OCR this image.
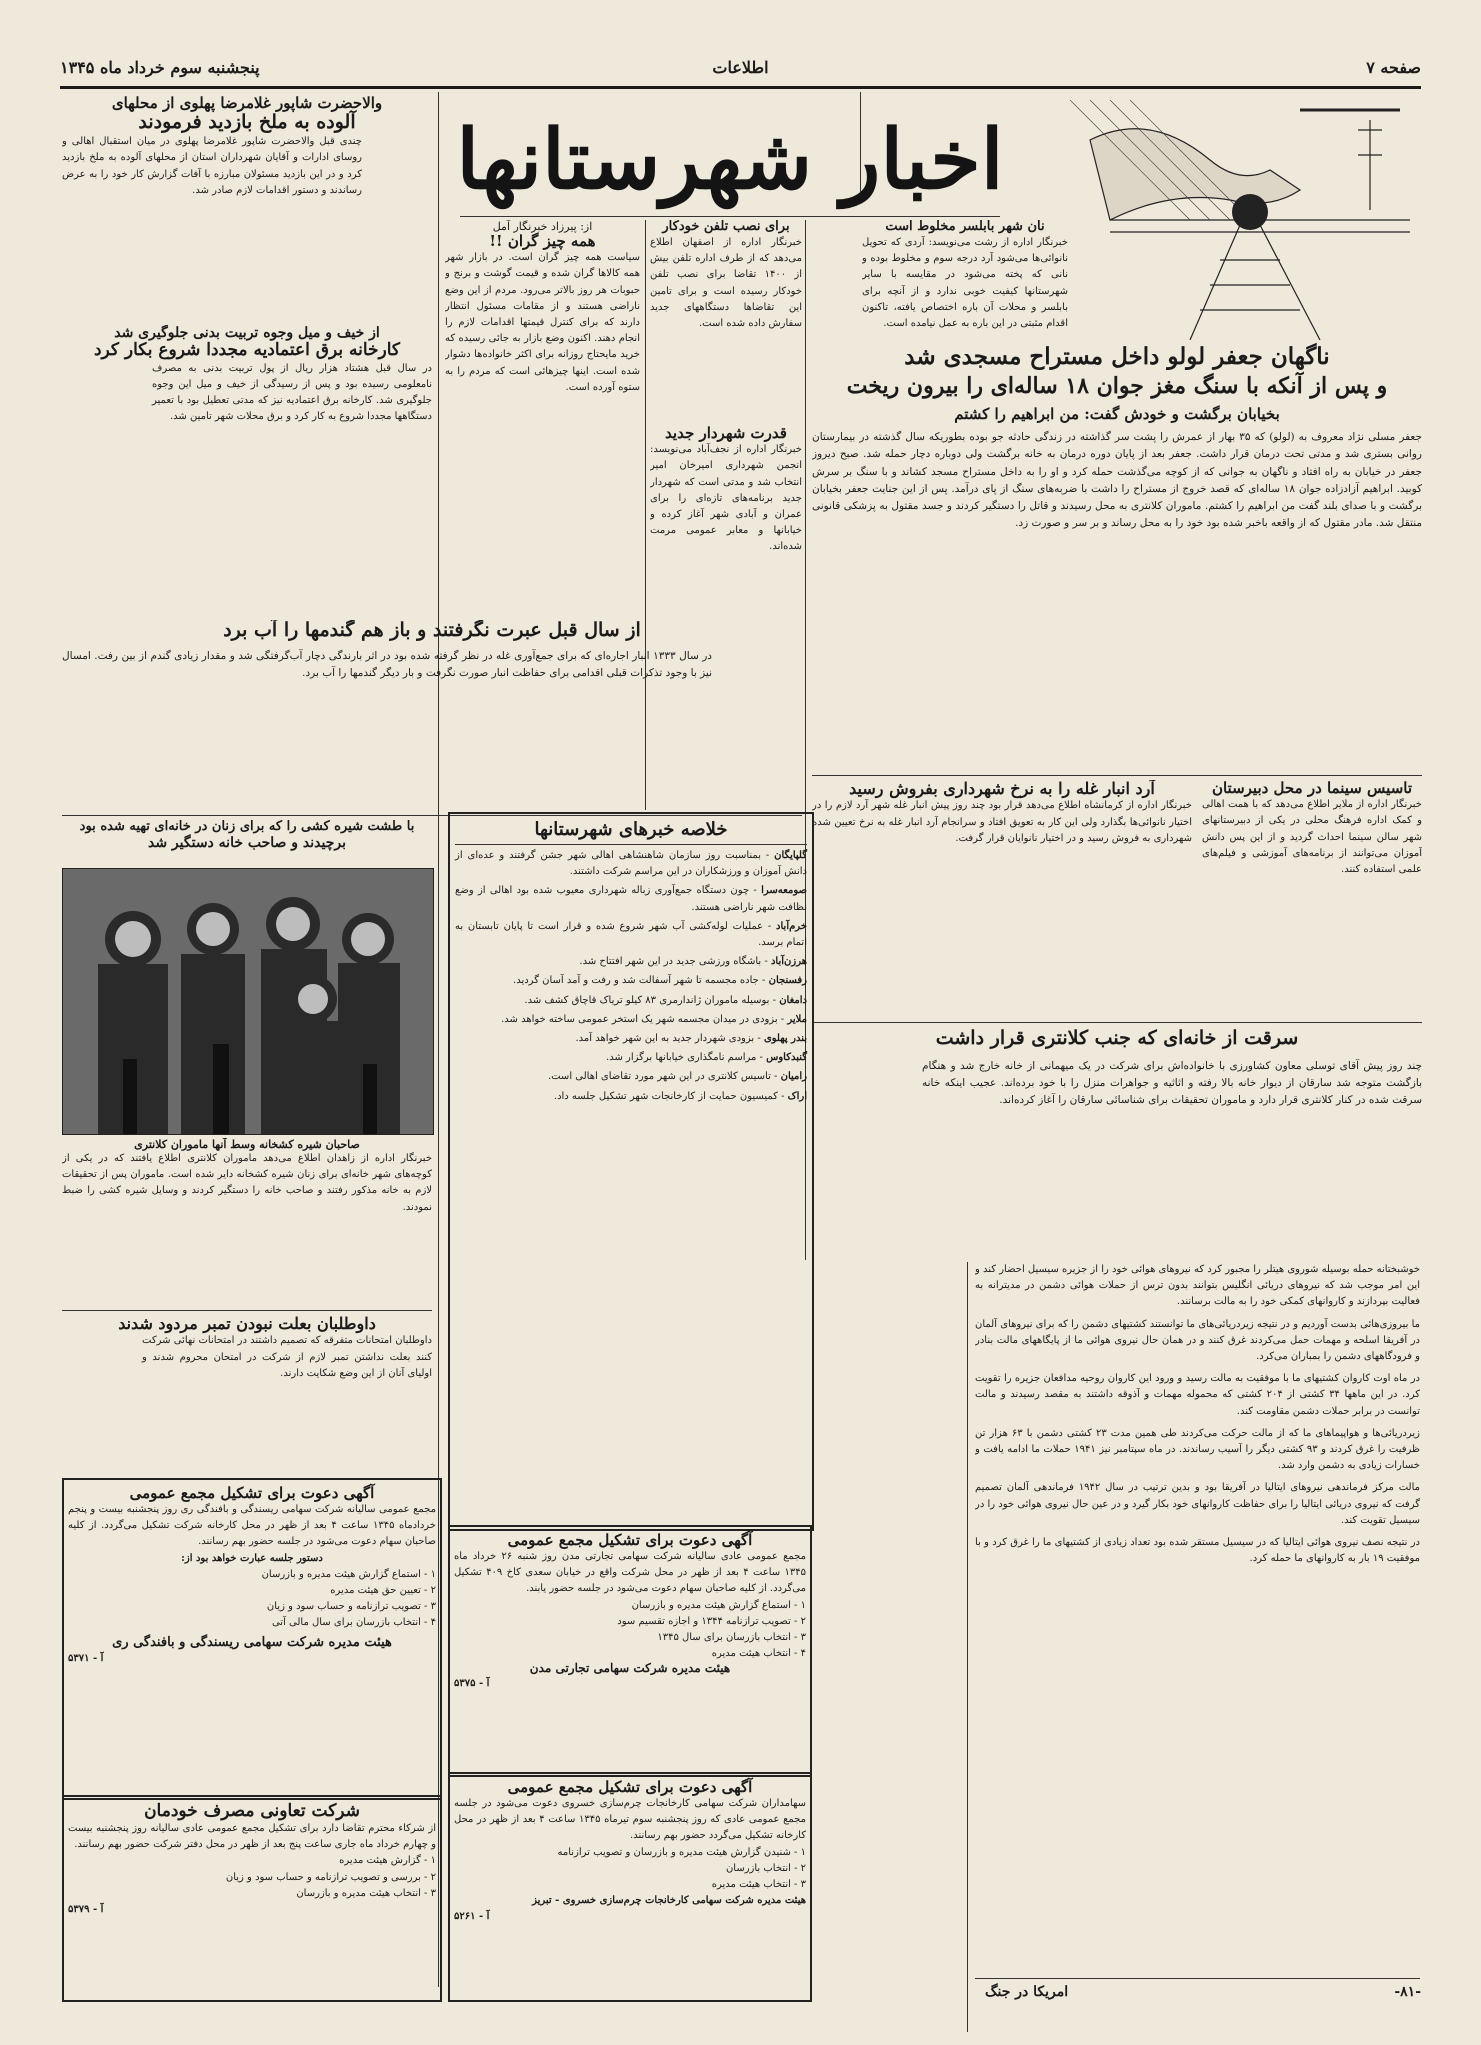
صفحه ۷
اطلاعات
پنجشنبه سوم خرداد ماه ۱۳۴۵
اخبار شهرستانها
نان شهر بابلسر مخلوط است

خبرنگار اداره از رشت می‌نویسد: آردی که تحویل نانوائی‌ها می‌شود آرد درجه سوم و مخلوط بوده و نانی که پخته می‌شود در مقایسه با سایر شهرستانها کیفیت خوبی ندارد و از آنچه برای بابلسر و محلات آن باره اختصاص یافته، تاکنون اقدام مثبتی در این باره به عمل نیامده است.

ناگهان جعفر لولو داخل مستراح مسجدی شد
و پس از آنکه با سنگ مغز جوان ۱۸ ساله‌ای را بیرون ریخت
بخیابان برگشت و خودش گفت: من ابراهیم را کشتم

جعفر مسلی نژاد معروف به (لولو) که ۳۵ بهار از عمرش را پشت سر گذاشته در زندگی حادثه جو بوده بطوریکه سال گذشته در بیمارستان روانی بستری شد و مدتی تحت درمان قرار داشت. جعفر بعد از پایان دوره درمان به خانه برگشت ولی دوباره دچار حمله شد. صبح دیروز جعفر در خیابان به راه افتاد و ناگهان به جوانی که از کوچه می‌گذشت حمله کرد و او را به داخل مستراح مسجد کشاند و با سنگ بر سرش کوبید. ابراهیم آزادزاده جوان ۱۸ ساله‌ای که قصد خروج از مستراح را داشت با ضربه‌های سنگ از پای درآمد. پس از این جنایت جعفر بخیابان برگشت و با صدای بلند گفت من ابراهیم را کشتم. ماموران کلانتری به محل رسیدند و قاتل را دستگیر کردند و جسد مقتول به پزشکی قانونی منتقل شد. مادر مقتول که از واقعه باخبر شده بود خود را به محل رساند و بر سر و صورت زد.

تاسیس سینما در محل دبیرستان

خبرنگار اداره از ملایر اطلاع می‌دهد که با همت اهالی و کمک اداره فرهنگ محلی در یکی از دبیرستانهای شهر سالن سینما احداث گردید و از این پس دانش آموزان می‌توانند از برنامه‌های آموزشی و فیلم‌های علمی استفاده کنند.

آرد انبار غله را به نرخ شهرداری بفروش رسید

خبرنگار اداره از کرمانشاه اطلاع می‌دهد قرار بود چند روز پیش انبار غله شهر آرد لازم را در اختیار نانوائی‌ها بگذارد ولی این کار به تعویق افتاد و سرانجام آرد انبار غله به نرخ تعیین شده شهرداری به فروش رسید و در اختیار نانوایان قرار گرفت.

سرقت از خانه‌ای که جنب کلانتری قرار داشت

چند روز پیش آقای توسلی معاون کشاورزی با خانواده‌اش برای شرکت در یک میهمانی از خانه خارج شد و هنگام بازگشت متوجه شد سارقان از دیوار خانه بالا رفته و اثاثیه و جواهرات منزل را با خود برده‌اند. عجیب اینکه خانه سرقت شده در کنار کلانتری قرار دارد و ماموران تحقیقات برای شناسائی سارقان را آغاز کرده‌اند.

برای نصب تلفن خودکار

خبرنگار اداره از اصفهان اطلاع می‌دهد که از طرف اداره تلفن بیش از ۱۴۰۰ تقاضا برای نصب تلفن خودکار رسیده است و برای تامین این تقاضاها دستگاههای جدید سفارش داده شده است.

قدرت شهردار جدید

خبرنگار اداره از نجف‌آباد می‌نویسد: انجمن شهرداری امیرخان امیر انتخاب شد و مدتی است که شهردار جدید برنامه‌های تازه‌ای را برای عمران و آبادی شهر آغاز کرده و خیابانها و معابر عمومی مرمت شده‌اند.

از: پیرزاد خبرنگار آمل
همه چیز گران !!

سیاست همه چیز گران است. در بازار شهر همه کالاها گران شده و قیمت گوشت و برنج و حبوبات هر روز بالاتر می‌رود. مردم از این وضع ناراضی هستند و از مقامات مسئول انتظار دارند که برای کنترل قیمتها اقدامات لازم را انجام دهند. اکنون وضع بازار به جائی رسیده که خرید مایحتاج روزانه برای اکثر خانواده‌ها دشوار شده است. اینها چیزهائی است که مردم را به ستوه آورده است.

از سال قبل عبرت نگرفتند و باز هم گندمها را آب برد

در سال ۱۳۳۳ انبار اجاره‌ای که برای جمع‌آوری غله در نظر گرفته شده بود در اثر بارندگی دچار آب‌گرفتگی شد و مقدار زیادی گندم از بین رفت. امسال نیز با وجود تذکرات قبلی اقدامی برای حفاظت انبار صورت نگرفت و بار دیگر گندمها را آب برد.

والاحضرت شاپور غلامرضا پهلوی از محلهای
آلوده به ملخ بازدید فرمودند

چندی قبل والاحضرت شاپور غلامرضا پهلوی در میان استقبال اهالی و روسای ادارات و آقایان شهرداران استان از محلهای آلوده به ملخ بازدید کرد و در این بازدید مسئولان مبارزه با آفات گزارش کار خود را به عرض رساندند و دستور اقدامات لازم صادر شد.

از خیف و میل وجوه تربیت بدنی جلوگیری شد
کارخانه برق اعتمادیه مجددا شروع بکار کرد

در سال قبل هشتاد هزار ریال از پول تربیت بدنی به مصرف نامعلومی رسیده بود و پس از رسیدگی از خیف و میل این وجوه جلوگیری شد. کارخانه برق اعتمادیه نیز که مدتی تعطیل بود با تعمیر دستگاهها مجددا شروع به کار کرد و برق محلات شهر تامین شد.

با طشت شیره کشی را که برای زنان در خانه‌ای تهیه شده بود
برچیدند و صاحب خانه دستگیر شد
صاحبان شیره کشخانه وسط آنها ماموران کلانتری

خبرنگار اداره از زاهدان اطلاع می‌دهد ماموران کلانتری اطلاع یافتند که در یکی از کوچه‌های شهر خانه‌ای برای زنان شیره کشخانه دایر شده است. ماموران پس از تحقیقات لازم به خانه مذکور رفتند و صاحب خانه را دستگیر کردند و وسایل شیره کشی را ضبط نمودند.

داوطلبان بعلت نبودن تمبر مردود شدند

داوطلبان امتحانات متفرقه که تصمیم داشتند در امتحانات نهائی شرکت کنند بعلت نداشتن تمبر لازم از شرکت در امتحان محروم شدند و اولیای آنان از این وضع شکایت دارند.

آگهی دعوت برای تشکیل مجمع عمومی

مجمع عمومی سالیانه شرکت سهامی ریسندگی و بافندگی ری روز پنجشنبه بیست و پنجم خردادماه ۱۳۴۵ ساعت ۴ بعد از ظهر در محل کارخانه شرکت تشکیل می‌گردد. از کلیه صاحبان سهام دعوت می‌شود در جلسه حضور بهم رسانند.

دستور جلسه عبارت خواهد بود از:
۱ - استماع گزارش هیئت مدیره و بازرسان
۲ - تعیین حق هیئت مدیره
۳ - تصویب ترازنامه و حساب سود و زیان
۴ - انتخاب بازرسان برای سال مالی آتی
هیئت مدیره شرکت سهامی ریسندگی و بافندگی ری
آ - ۵۳۷۱
شرکت تعاونی مصرف خودمان

از شرکاء محترم تقاضا دارد برای تشکیل مجمع عمومی عادی سالیانه روز پنجشنبه بیست و چهارم خرداد ماه جاری ساعت پنج بعد از ظهر در محل دفتر شرکت حضور بهم رسانند.

۱ - گزارش هیئت مدیره
۲ - بررسی و تصویب ترازنامه و حساب سود و زیان
۳ - انتخاب هیئت مدیره و بازرسان
آ - ۵۳۷۹
خلاصه خبرهای شهرستانها

گلپایگان - بمناسبت روز سازمان شاهنشاهی اهالی شهر جشن گرفتند و عده‌ای از دانش آموزان و ورزشکاران در این مراسم شرکت داشتند.

صومعه‌سرا - چون دستگاه جمع‌آوری زباله شهرداری معیوب شده بود اهالی از وضع نظافت شهر ناراضی هستند.

خرم‌آباد - عملیات لوله‌کشی آب شهر شروع شده و قرار است تا پایان تابستان به اتمام برسد.

هرزن‌آباد - باشگاه ورزشی جدید در این شهر افتتاح شد.

رفسنجان - جاده مجسمه تا شهر آسفالت شد و رفت و آمد آسان گردید.

دامغان - بوسیله ماموران ژاندارمری ۸۳ کیلو تریاک قاچاق کشف شد.

ملایر - بزودی در میدان مجسمه شهر یک استخر عمومی ساخته خواهد شد.

بندر پهلوی - بزودی شهردار جدید به این شهر خواهد آمد.

گنبدکاوس - مراسم نامگذاری خیابانها برگزار شد.

رامیان - تاسیس کلانتری در این شهر مورد تقاضای اهالی است.

اراک - کمیسیون حمایت از کارخانجات شهر تشکیل جلسه داد.

آگهی دعوت برای تشکیل مجمع عمومی

مجمع عمومی عادی سالیانه شرکت سهامی تجارتی مدن روز شنبه ۲۶ خرداد ماه ۱۳۴۵ ساعت ۴ بعد از ظهر در محل شرکت واقع در خیابان سعدی کاخ ۴۰۹ تشکیل می‌گردد. از کلیه صاحبان سهام دعوت می‌شود در جلسه حضور یابند.

۱ - استماع گزارش هیئت مدیره و بازرسان
۲ - تصویب ترازنامه ۱۳۴۴ و اجازه تقسیم سود
۳ - انتخاب بازرسان برای سال ۱۳۴۵
۴ - انتخاب هیئت مدیره
هیئت مدیره شرکت سهامی تجارتی مدن
آ - ۵۳۷۵
آگهی دعوت برای تشکیل مجمع عمومی

سهامداران شرکت سهامی کارخانجات چرم‌سازی خسروی دعوت می‌شود در جلسه مجمع عمومی عادی که روز پنجشنبه سوم تیرماه ۱۳۴۵ ساعت ۴ بعد از ظهر در محل کارخانه تشکیل می‌گردد حضور بهم رسانند.

۱ - شنیدن گزارش هیئت مدیره و بازرسان و تصویب ترازنامه
۲ - انتخاب بازرسان
۳ - انتخاب هیئت مدیره
هیئت مدیره شرکت سهامی کارخانجات چرم‌سازی خسروی - تبریز
آ - ۵۲۶۱

خوشبختانه حمله بوسیله شوروی هیتلر را مجبور کرد که نیروهای هوائی خود را از جزیره سیسیل احضار کند و این امر موجب شد که نیروهای دریائی انگلیس بتوانند بدون ترس از حملات هوائی دشمن در مدیترانه به فعالیت بپردازند و کاروانهای کمکی خود را به مالت برسانند.

ما بیروزی‌هائی بدست آوردیم و در نتیجه زیردریائی‌های ما توانستند کشتیهای دشمن را که برای نیروهای آلمان در آفریقا اسلحه و مهمات حمل می‌کردند غرق کنند و در همان حال نیروی هوائی ما از پایگاههای مالت بنادر و فرودگاههای دشمن را بمباران می‌کرد.

در ماه اوت کاروان کشتیهای ما با موفقیت به مالت رسید و ورود این کاروان روحیه مدافعان جزیره را تقویت کرد. در این ماهها ۳۴ کشتی از ۲۰۴ کشتی که محموله مهمات و آذوقه داشتند به مقصد رسیدند و مالت توانست در برابر حملات دشمن مقاومت کند.

زیردریائی‌ها و هواپیماهای ما که از مالت حرکت می‌کردند طی همین مدت ۲۳ کشتی دشمن با ۶۳ هزار تن ظرفیت را غرق کردند و ۹۳ کشتی دیگر را آسیب رساندند. در ماه سپتامبر نیز ۱۹۴۱ حملات ما ادامه یافت و خسارات زیادی به دشمن وارد شد.

مالت مرکز فرماندهی نیروهای ایتالیا در آفریقا بود و بدین ترتیب در سال ۱۹۴۲ فرماندهی آلمان تصمیم گرفت که نیروی دریائی ایتالیا را برای حفاظت کاروانهای خود بکار گیرد و در عین حال نیروی هوائی خود را در سیسیل تقویت کند.

در نتیجه نصف نیروی هوائی ایتالیا که در سیسیل مستقر شده بود تعداد زیادی از کشتیهای ما را غرق کرد و با موفقیت ۱۹ بار به کاروانهای ما حمله کرد.

-۸۱-
امریکا در جنگ
